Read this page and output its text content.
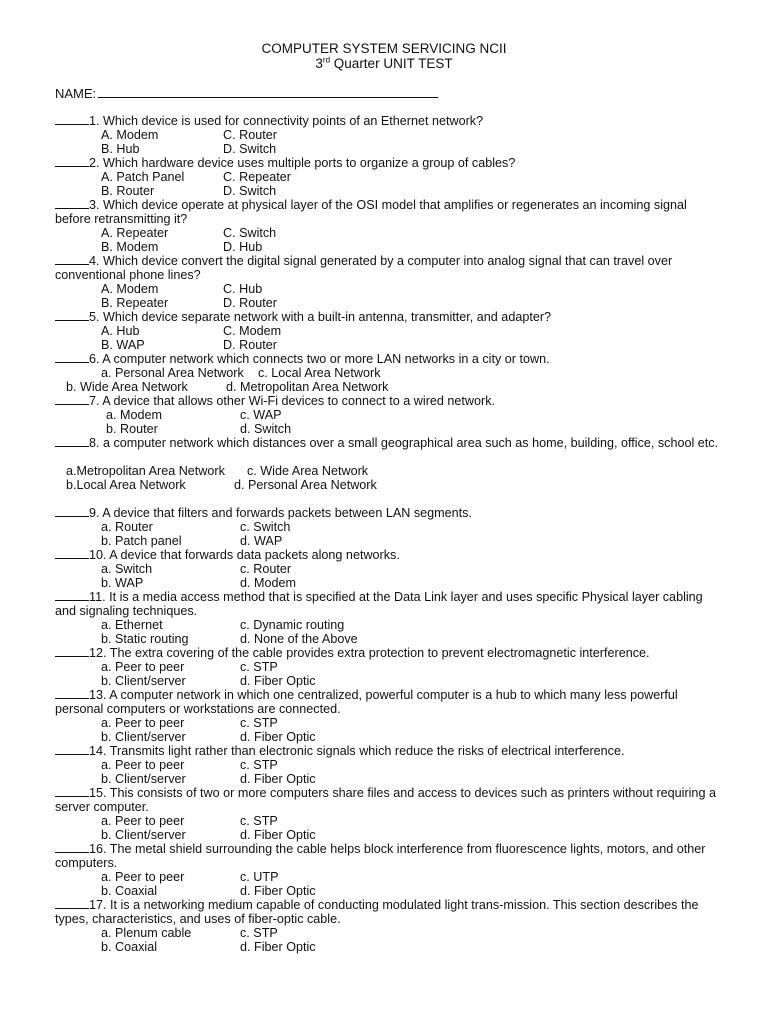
COMPUTER SYSTEM SERVICING NCII
3rd Quarter UNIT TEST
NAME:
1. Which device is used for connectivity points of an Ethernet network?
A. Modem	C. Router
B. Hub	D. Switch
2. Which hardware device uses multiple ports to organize a group of cables?
A. Patch Panel	C. Repeater
B. Router	D. Switch
3. Which device operate at physical layer of the OSI model that amplifies or regenerates an incoming signal before retransmitting it?
A. Repeater	C. Switch
B. Modem	D. Hub
4. Which device convert the digital signal generated by a computer into analog signal that can travel over conventional phone lines?
A. Modem	C. Hub
B. Repeater	D. Router
5. Which device separate network with a built-in antenna, transmitter, and adapter?
A. Hub	C. Modem
B. WAP	D. Router
6. A computer network which connects two or more LAN networks in a city or town.
a. Personal Area Network c. Local Area Network
b. Wide Area Network	d. Metropolitan Area Network
7. A device that allows other Wi-Fi devices to connect to a wired network.
a. Modem	c. WAP
b. Router	d. Switch
8. a computer network which distances over a small geographical area such as home, building, office, school etc.
a.Metropolitan Area Network c. Wide Area Network
b.Local Area Network	d. Personal Area Network
9. A device that filters and forwards packets between LAN segments.
a. Router	c. Switch
b. Patch panel	d. WAP
10. A device that forwards data packets along networks.
a. Switch	c. Router
b. WAP	d. Modem
11. It is a media access method that is specified at the Data Link layer and uses specific Physical layer cabling and signaling techniques.
a. Ethernet	c. Dynamic routing
b. Static routing	d. None of the Above
12. The extra covering of the cable provides extra protection to prevent electromagnetic interference.
a. Peer to peer	c. STP
b. Client/server	d. Fiber Optic
13. A computer network in which one centralized, powerful computer is a hub to which many less powerful personal computers or workstations are connected.
a. Peer to peer	c. STP
b. Client/server	d. Fiber Optic
14. Transmits light rather than electronic signals which reduce the risks of electrical interference.
a. Peer to peer	c. STP
b. Client/server	d. Fiber Optic
15. This consists of two or more computers share files and access to devices such as printers without requiring a server computer.
a. Peer to peer	c. STP
b. Client/server	d. Fiber Optic
16. The metal shield surrounding the cable helps block interference from fluorescence lights, motors, and other computers.
a. Peer to peer	c. UTP
b. Coaxial	d. Fiber Optic
17. It is a networking medium capable of conducting modulated light trans-mission. This section describes the types, characteristics, and uses of fiber-optic cable.
a. Plenum cable	c. STP
b. Coaxial	d. Fiber Optic
